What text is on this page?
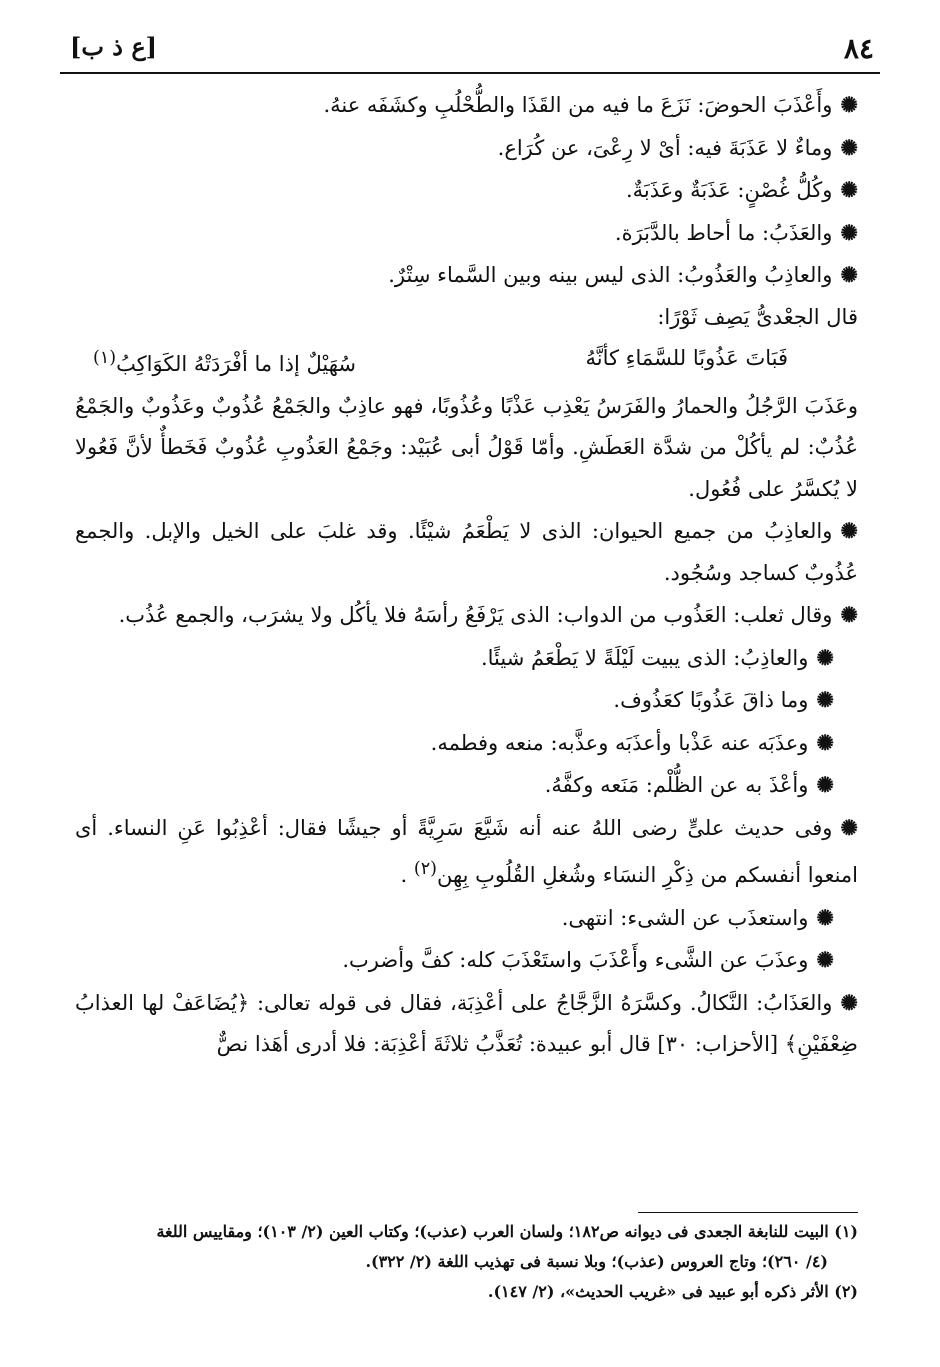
٨٤
[ع ذ ب]

✺ وأَعْذَبَ الحوضَ: نَزَعَ ما فيه من القَذَا والطُّحْلُبِ وكشَفَه عنهُ.

✺ وماءٌ لا عَذَبَةَ فيه: أىْ لا رِعْىَ، عن كُرَاع.

✺ وكُلُّ غُصْنٍ: عَذَبَةٌ وعَذَبَةٌ.

✺ والعَذَبُ: ما أحاط بالدَّبَرَة.

✺ والعاذِبُ والعَذُوبُ: الذى ليس بينه وبين السَّماء سِتْرٌ.

قال الجعْدىُّ يَصِف ثَوْرًا:

فَبَاتَ عَذُوبًا للسَّمَاءِ كأنَّهُ
سُهَيْلٌ إذا ما أفْرَدَتْهُ الكَوَاكِبُ$^{(١)}$

وعَذَبَ الرَّجُلُ والحمارُ والفَرَسُ يَعْذِب عَذْبًا وعُذُوبًا، فهو عاذِبٌ والجَمْعُ عُذُوبٌ وعَذُوبٌ والجَمْعُ عُذُبٌ: لم يأكُلْ من شدَّة العَطَشِ. وأمّا قَوْلُ أبى عُبَيْد: وجَمْعُ العَذُوبِ عُذُوبٌ فَخَطأٌ لأنَّ فَعُولا لا يُكسَّرُ على فُعُول.

✺ والعاذِبُ من جميع الحيوان: الذى لا يَطْعَمُ شيْئًا. وقد غلبَ على الخيل والإبل. والجمع عُذُوبٌ كساجد وسُجُود.

✺ وقال ثعلب: العَذُوب من الدواب: الذى يَرْفَعُ رأسَهُ فلا يأكُل ولا يشرَب، والجمع عُذُب.

✺ والعاذِبُ: الذى يبيت لَيْلَةً لا يَطْعَمُ شيئًا.

✺ وما ذاقَ عَذُوبًا كعَذُوف.

✺ وعذَبَه عنه عَذْبا وأعذَبَه وعذَّبه: منعه وفطمه.

✺ وأعْذَ به عن الظُّلْم: مَنَعه وكفَّهُ.

✺ وفى حديث علىٍّ رضى اللهُ عنه أنه شَيَّعَ سَرِيَّةً أو جيشًا فقال: أعْذِبُوا عَنِ النساء. أى امنعوا أنفسكم من ذِكْرِ النسَاء وشُغلِ القُلُوبِ بِهِن$^{(٢)}$ .

✺ واستعذَب عن الشىء: انتهى.

✺ وعذَبَ عن الشَّىء وأَعْذَبَ واستَعْذَبَ كله: كفَّ وأضرب.

✺ والعَذَابُ: النَّكالُ. وكسَّرَهُ الزَّجَّاجُ على أعْذِبَة، فقال فى قوله تعالى: ﴿يُضَاعَفْ لها العذابُ ضِعْفَيْنِ﴾ [الأحزاب: ٣٠] قال أبو عبيدة: تُعَذَّبُ ثلاثَةَ أعْذِبَة: فلا أدرى أهَذا نصٌّ

(١) البيت للنابغة الجعدى فى ديوانه ص١٨٢؛ ولسان العرب (عذب)؛ وكتاب العين (٢/ ١٠٣)؛ ومقاييس اللغة

(٤/ ٢٦٠)؛ وتاج العروس (عذب)؛ وبلا نسبة فى تهذيب اللغة (٢/ ٣٢٢).

(٢) الأثر ذكره أبو عبيد فى «غريب الحديث»، (٢/ ١٤٧).
